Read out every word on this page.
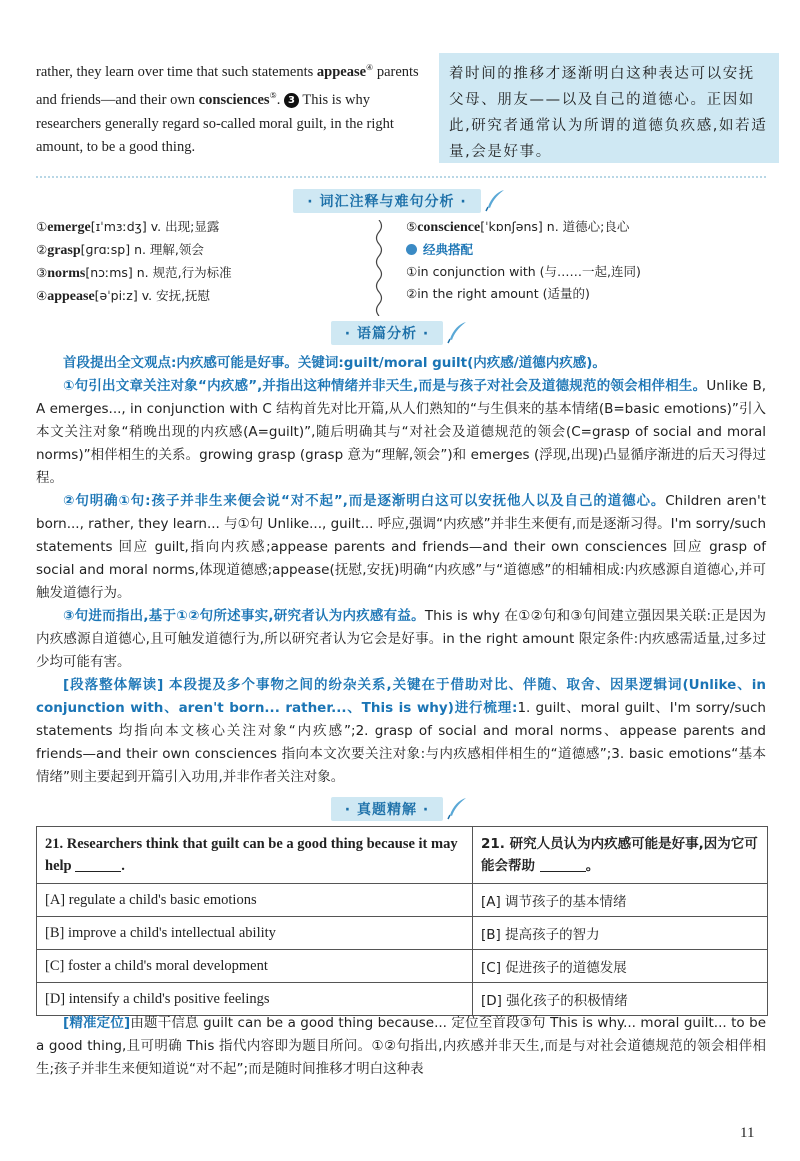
rather, they learn over time that such statements appease④ parents and friends—and their own consciences⑤. 3 This is why researchers generally regard so-called moral guilt, in the right amount, to be a good thing.
着时间的推移才逐渐明白这种表达可以安抚父母、朋友——以及自己的道德心。正因如此,研究者通常认为所谓的道德负疚感,如若适量,会是好事。
· 词汇注释与难句分析 ·
①emerge[ɪˈmɜːdʒ] v. 出现;显露
②grasp[ɡrɑːsp] n. 理解,领会
③norms[nɔːms] n. 规范,行为标准
④appease[əˈpiːz] v. 安抚,抚慰
⑤conscience[ˈkɒnʃəns] n. 道德心;良心
经典搭配
①in conjunction with (与……一起,连同)
②in the right amount (适量的)
· 语篇分析 ·
首段提出全文观点:内疚感可能是好事。关键词:guilt/moral guilt(内疚感/道德内疚感)。
①句引出文章关注对象“内疚感”,并指出这种情绪并非天生,而是与孩子对社会及道德规范的领会相伴相生。Unlike B, A emerges..., in conjunction with C 结构首先对比开篇,从人们熟知的“与生俱来的基本情绪(B=basic emotions)”引入本文关注对象“稍晚出现的内疚感(A=guilt)”,随后明确其与“对社会及道德规范的领会(C=grasp of social and moral norms)”相伴相生的关系。growing grasp (grasp 意为“理解,领会”)和 emerges (浮现,出现)凸显循序渐进的后天习得过程。
②句明确①句:孩子并非生来便会说“对不起”,而是逐渐明白这可以安抚他人以及自己的道德心。Children aren't born..., rather, they learn... 与①句 Unlike..., guilt... 呼应,强调“内疚感”并非生来便有,而是逐渐习得。I'm sorry/such statements 回应 guilt,指向内疚感;appease parents and friends—and their own consciences 回应 grasp of social and moral norms,体现道德感;appease(抚慰,安抚)明确“内疚感”与“道德感”的相辅相成:内疚感源自道德心,并可触发道德行为。
③句进而指出,基于①②句所述事实,研究者认为内疚感有益。This is why 在①②句和③句间建立强因果关联:正是因为内疚感源自道德心,且可触发道德行为,所以研究者认为它会是好事。in the right amount 限定条件:内疚感需适量,过多过少均可能有害。
[段落整体解读] 本段提及多个事物之间的纷杂关系,关键在于借助对比、伴随、取舍、因果逻辑词(Unlike、in conjunction with、aren't born... rather...、This is why)进行梳理:1. guilt、moral guilt、I'm sorry/such statements 均指向本文核心关注对象“内疚感”;2. grasp of social and moral norms、appease parents and friends—and their own consciences 指向本文次要关注对象:与内疚感相伴相生的“道德感”;3. basic emotions“基本情绪”则主要起到开篇引入功用,并非作者关注对象。
· 真题精解 ·
21. Researchers think that guilt can be a good thing because it may help .	21. 研究人员认为内疚感可能是好事,因为它可能会帮助 。
[A] regulate a child's basic emotions	[A] 调节孩子的基本情绪
[B] improve a child's intellectual ability	[B] 提高孩子的智力
[C] foster a child's moral development	[C] 促进孩子的道德发展
[D] intensify a child's positive feelings	[D] 强化孩子的积极情绪
[精准定位]由题干信息 guilt can be a good thing because... 定位至首段③句 This is why... moral guilt... to be a good thing,且可明确 This 指代内容即为题目所问。①②句指出,内疚感并非天生,而是与对社会道德规范的领会相伴相生;孩子并非生来便知道说“对不起”;而是随时间推移才明白这种表
11
